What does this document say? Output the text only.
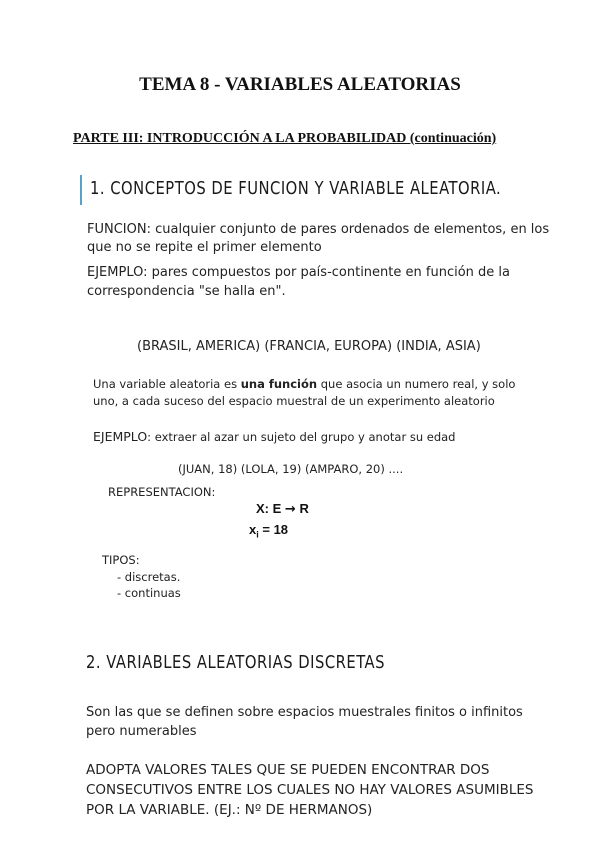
TEMA 8 - VARIABLES ALEATORIAS
PARTE III: INTRODUCCIÓN A LA PROBABILIDAD (continuación)
1. CONCEPTOS DE FUNCION Y VARIABLE ALEATORIA.
FUNCION: cualquier conjunto de pares ordenados de elementos, en los
que no se repite el primer elemento
EJEMPLO: pares compuestos por país-continente en función de la
correspondencia "se halla en".
(BRASIL, AMERICA) (FRANCIA, EUROPA) (INDIA, ASIA)
Una variable aleatoria es una función que asocia un numero real, y solo
uno, a cada suceso del espacio muestral de un experimento aleatorio
EJEMPLO: extraer al azar un sujeto del grupo y anotar su edad
(JUAN, 18) (LOLA, 19) (AMPARO, 20) ....
REPRESENTACION:
X: E → R
$x_i = 18$
TIPOS:
- discretas.
- continuas
2. VARIABLES ALEATORIAS DISCRETAS
Son las que se definen sobre espacios muestrales finitos o infinitos
pero numerables
ADOPTA VALORES TALES QUE SE PUEDEN ENCONTRAR DOS
CONSECUTIVOS ENTRE LOS CUALES NO HAY VALORES ASUMIBLES
POR LA VARIABLE. (EJ.: Nº DE HERMANOS)
